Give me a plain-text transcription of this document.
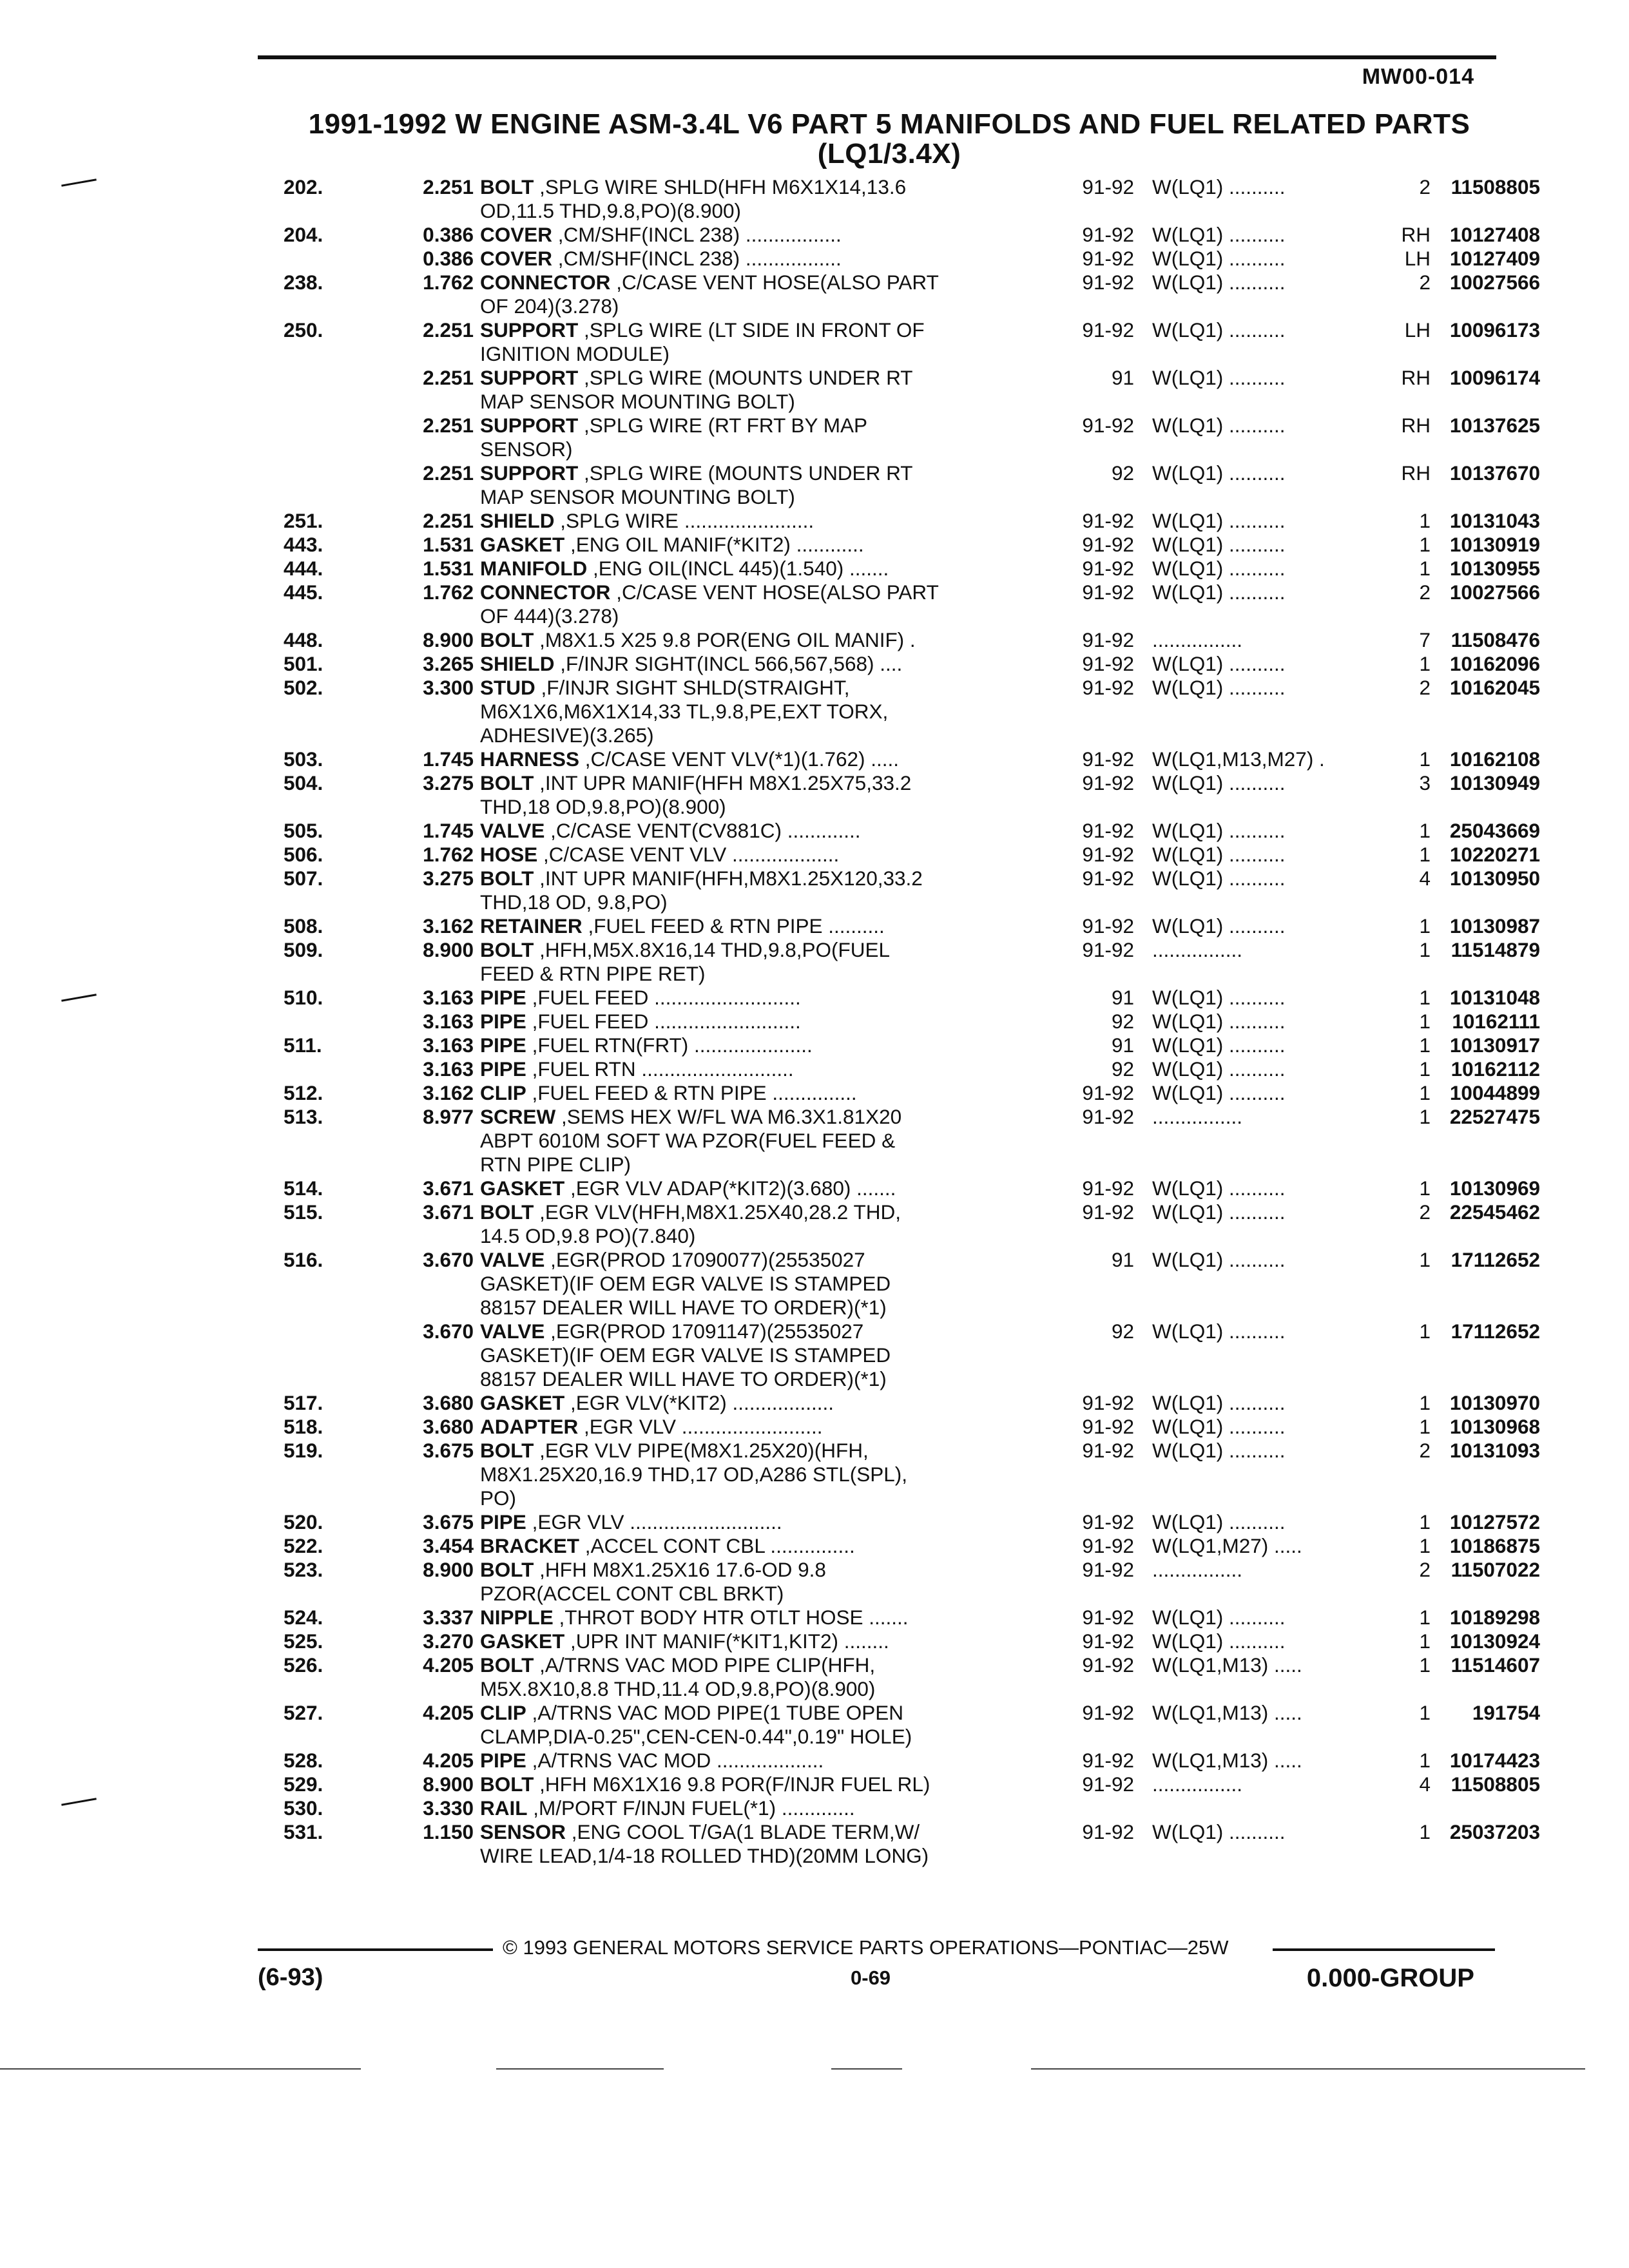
MW00-014
1991-1992 W ENGINE ASM-3.4L V6 PART 5 MANIFOLDS AND FUEL RELATED PARTS
(LQ1/3.4X)
202.	2.251 BOLT ,SPLG WIRE SHLD(HFH M6X1X14,13.6	91-92 W(LQ1) ..........	2	11508805
OD,11.5 THD,9.8,PO)(8.900)
204.	0.386 COVER ,CM/SHF(INCL 238) .................	91-92 W(LQ1) ..........	RH 10127408
0.386 COVER ,CM/SHF(INCL 238) .................	91-92 W(LQ1) ..........	LH 10127409
238.	1.762 CONNECTOR ,C/CASE VENT HOSE(ALSO PART	91-92 W(LQ1) ..........	2 10027566
OF 204)(3.278)
250.	2.251 SUPPORT ,SPLG WIRE (LT SIDE IN FRONT OF	91-92 W(LQ1) ..........	LH 10096173
IGNITION MODULE)
2.251 SUPPORT ,SPLG WIRE (MOUNTS UNDER RT	91 W(LQ1) ..........	RH 10096174
MAP SENSOR MOUNTING BOLT)
2.251 SUPPORT ,SPLG WIRE (RT FRT BY MAP	91-92 W(LQ1) ..........	RH 10137625
SENSOR)
2.251 SUPPORT ,SPLG WIRE (MOUNTS UNDER RT	92 W(LQ1) ..........	RH 10137670
MAP SENSOR MOUNTING BOLT)
251.	2.251 SHIELD ,SPLG WIRE .......................	91-92 W(LQ1) ..........	1 10131043
443.	1.531 GASKET ,ENG OIL MANIF(*KIT2) ............	91-92 W(LQ1) ..........	1 10130919
444.	1.531 MANIFOLD ,ENG OIL(INCL 445)(1.540) .......	91-92 W(LQ1) ..........	1 10130955
445.	1.762 CONNECTOR ,C/CASE VENT HOSE(ALSO PART	91-92 W(LQ1) ..........	2 10027566
OF 444)(3.278)
448.	8.900 BOLT ,M8X1.5 X25 9.8 POR(ENG OIL MANIF) .	91-92 ................	7	11508476
501.	3.265 SHIELD ,F/INJR SIGHT(INCL 566,567,568) ....	91-92 W(LQ1) ..........	1 10162096
502.	3.300 STUD ,F/INJR SIGHT SHLD(STRAIGHT,	91-92 W(LQ1) ..........	2 10162045
M6X1X6,M6X1X14,33 TL,9.8,PE,EXT TORX,
ADHESIVE)(3.265)
503.	1.745 HARNESS ,C/CASE VENT VLV(*1)(1.762) .....	91-92 W(LQ1,M13,M27) .	1 10162108
504.	3.275 BOLT ,INT UPR MANIF(HFH M8X1.25X75,33.2	91-92 W(LQ1) ..........	3 10130949
THD,18 OD,9.8,PO)(8.900)
505.	1.745 VALVE ,C/CASE VENT(CV881C) .............	91-92 W(LQ1) ..........	1 25043669
506.	1.762 HOSE ,C/CASE VENT VLV ...................	91-92 W(LQ1) ..........	1 10220271
507.	3.275 BOLT ,INT UPR MANIF(HFH,M8X1.25X120,33.2	91-92 W(LQ1) ..........	4 10130950
THD,18 OD, 9.8,PO)
508.	3.162 RETAINER ,FUEL FEED & RTN PIPE ..........	91-92 W(LQ1) ..........	1 10130987
509.	8.900 BOLT ,HFH,M5X.8X16,14 THD,9.8,PO(FUEL	91-92 ................	1	11514879
FEED & RTN PIPE RET)
510.	3.163 PIPE ,FUEL FEED ..........................	91 W(LQ1) ..........	1 10131048
3.163 PIPE ,FUEL FEED ..........................	92 W(LQ1) ..........	1	10162111
511.	3.163 PIPE ,FUEL RTN(FRT) .....................	91 W(LQ1) ..........	1 10130917
3.163 PIPE ,FUEL RTN ...........................	92 W(LQ1) ..........	1	10162112
512.	3.162 CLIP ,FUEL FEED & RTN PIPE ...............	91-92 W(LQ1) ..........	1 10044899
513.	8.977 SCREW ,SEMS HEX W/FL WA M6.3X1.81X20	91-92 ................	1 22527475
ABPT 6010M SOFT WA PZOR(FUEL FEED &
RTN PIPE CLIP)
514.	3.671 GASKET ,EGR VLV ADAP(*KIT2)(3.680) .......	91-92 W(LQ1) ..........	1 10130969
515.	3.671 BOLT ,EGR VLV(HFH,M8X1.25X40,28.2 THD,	91-92 W(LQ1) ..........	2 22545462
14.5 OD,9.8 PO)(7.840)
516.	3.670 VALVE ,EGR(PROD 17090077)(25535027	91 W(LQ1) ..........	1	17112652
GASKET)(IF OEM EGR VALVE IS STAMPED
88157 DEALER WILL HAVE TO ORDER)(*1)
3.670 VALVE ,EGR(PROD 17091147)(25535027	92 W(LQ1) ..........	1	17112652
GASKET)(IF OEM EGR VALVE IS STAMPED
88157 DEALER WILL HAVE TO ORDER)(*1)
517.	3.680 GASKET ,EGR VLV(*KIT2) ..................	91-92 W(LQ1) ..........	1 10130970
518.	3.680 ADAPTER ,EGR VLV .........................	91-92 W(LQ1) ..........	1 10130968
519.	3.675 BOLT ,EGR VLV PIPE(M8X1.25X20)(HFH,	91-92 W(LQ1) ..........	2 10131093
M8X1.25X20,16.9 THD,17 OD,A286 STL(SPL),
PO)
520.	3.675 PIPE ,EGR VLV ...........................	91-92 W(LQ1) ..........	1 10127572
522.	3.454 BRACKET ,ACCEL CONT CBL ...............	91-92 W(LQ1,M27) .....	1 10186875
523.	8.900 BOLT ,HFH M8X1.25X16 17.6-OD 9.8	91-92 ................	2	11507022
PZOR(ACCEL CONT CBL BRKT)
524.	3.337 NIPPLE ,THROT BODY HTR OTLT HOSE .......	91-92 W(LQ1) ..........	1 10189298
525.	3.270 GASKET ,UPR INT MANIF(*KIT1,KIT2) ........	91-92 W(LQ1) ..........	1 10130924
526.	4.205 BOLT ,A/TRNS VAC MOD PIPE CLIP(HFH,	91-92 W(LQ1,M13) .....	1	11514607
M5X.8X10,8.8 THD,11.4 OD,9.8,PO)(8.900)
527.	4.205 CLIP ,A/TRNS VAC MOD PIPE(1 TUBE OPEN	91-92 W(LQ1,M13) .....	1	191754
CLAMP,DIA-0.25",CEN-CEN-0.44",0.19" HOLE)
528.	4.205 PIPE ,A/TRNS VAC MOD ...................	91-92 W(LQ1,M13) .....	1 10174423
529.	8.900 BOLT ,HFH M6X1X16 9.8 POR(F/INJR FUEL RL)	91-92 ................	4	11508805
530.	3.330 RAIL ,M/PORT F/INJN FUEL(*1) .............
531.	1.150 SENSOR ,ENG COOL T/GA(1 BLADE TERM,W/	91-92 W(LQ1) ..........	1 25037203
WIRE LEAD,1/4-18 ROLLED THD)(20MM LONG)
© 1993 GENERAL MOTORS SERVICE PARTS OPERATIONS—PONTIAC—25W
(6-93)	0-69	0.000-GROUP
